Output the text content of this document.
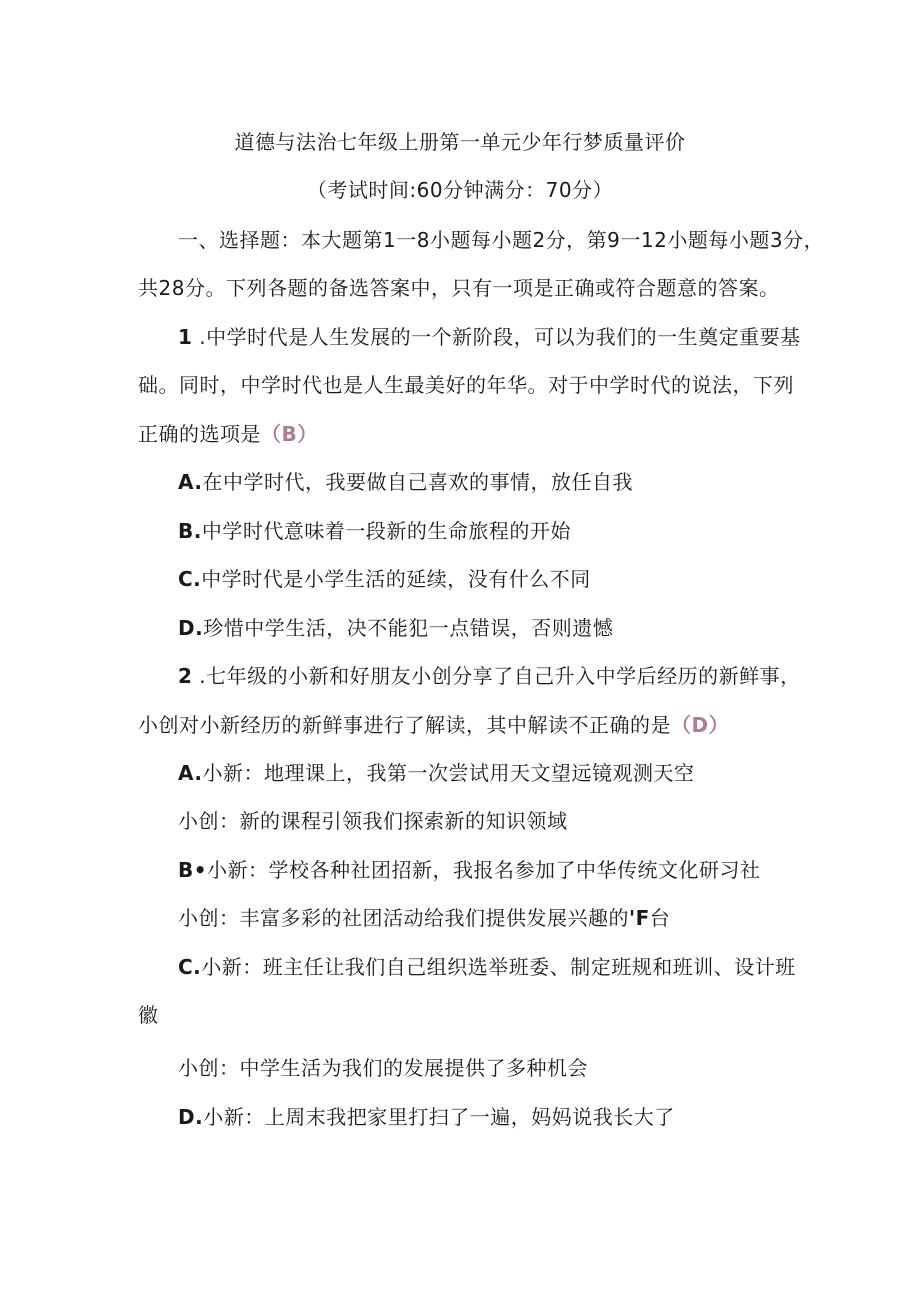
道德与法治七年级上册第一单元少年行梦质量评价
（考试时间:60分钟满分：70分）
一、选择题：本大题第1一8小题每小题2分，第9一12小题每小题3分，
共28分。下列各题的备选答案中，只有一项是正确或符合题意的答案。
1 .中学时代是人生发展的一个新阶段，可以为我们的一生奠定重要基
础。同时，中学时代也是人生最美好的年华。对于中学时代的说法，下列
正确的选项是（B）
A.在中学时代，我要做自己喜欢的事情，放任自我
B.中学时代意味着一段新的生命旅程的开始
C.中学时代是小学生活的延续，没有什么不同
D.珍惜中学生活，决不能犯一点错误，否则遗憾
2 .七年级的小新和好朋友小创分享了自己升入中学后经历的新鲜事，
小创对小新经历的新鲜事进行了解读，其中解读不正确的是（D）
A.小新：地理课上，我第一次尝试用天文望远镜观测天空
小创：新的课程引领我们探索新的知识领域
B•小新：学校各种社团招新，我报名参加了中华传统文化研习社
小创：丰富多彩的社团活动给我们提供发展兴趣的'F台
C.小新：班主任让我们自己组织选举班委、制定班规和班训、设计班
徽
小创：中学生活为我们的发展提供了多种机会
D.小新：上周末我把家里打扫了一遍，妈妈说我长大了
